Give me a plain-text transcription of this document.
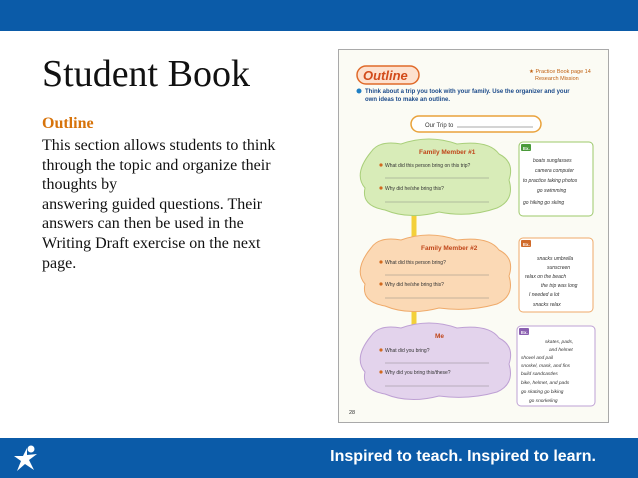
Student Book
Outline

This section allows students to think
through the topic and organize their
thoughts by
answering guided questions. Their
answers can then be used in the
Writing Draft exercise on the next
page.

Outline	★ Practice Book page 14
Research Mission
Think about a trip you took with your family. Use the organizer and your
own ideas to make an outline.
Our Trip to
Family Member #1
What did this person bring on this trip?
Why did he/she bring this?
Ex.
boats sunglasses
camera computer
to practice taking photos
go swimming
go hiking go skiing
Family Member #2
What did this person bring?
Why did he/she bring this?
Ex.
snacks umbrella
sunscreen
relax on the beach
the trip was long
I needed a lot
snacks relax
Me
What did you bring?
Why did you bring this/these?
Ex.
skates, pads,
and helmet
shovel and pail
snorkel, mask, and fins
build sandcastles
bike, helmet, and pads
go skating go biking
go snorkeling
28
Inspired to teach. Inspired to learn.
